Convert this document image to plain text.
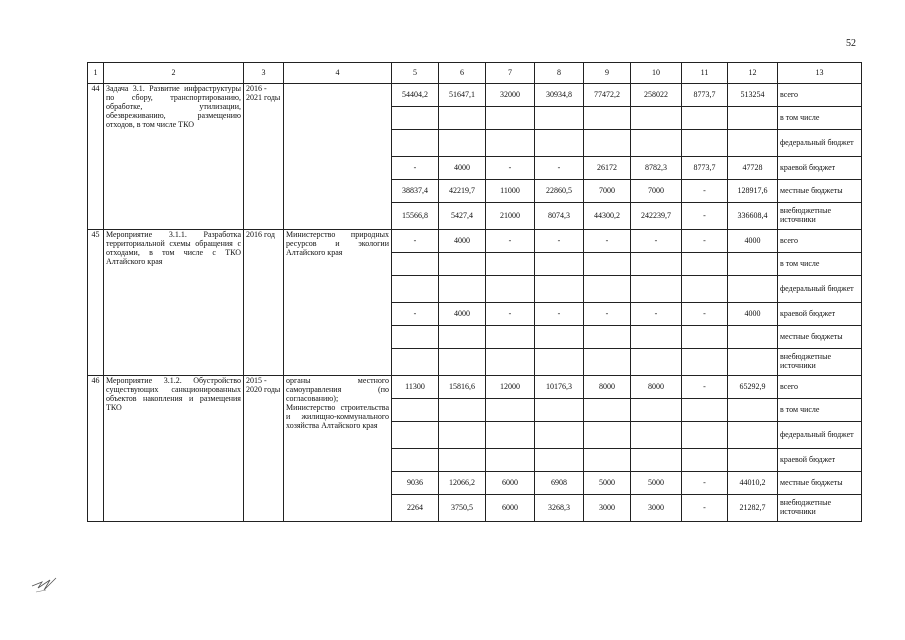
52
1	2	3	4	5	6	7	8	9	10	11	12	13
44	Задача 3.1. Развитие инфраструктуры по сбору, транспортированию, обработке, утилизации, обезвреживанию, размещению отходов, в том числе ТКО	2016 - 2021 годы		54404,2	51647,1	32000	30934,8	77472,2	258022	8773,7	513254	всего
												в том числе
												федеральный бюджет
				-	4000	-	-	26172	8782,3	8773,7	47728	краевой бюджет
				38837,4	42219,7	11000	22860,5	7000	7000	-	128917,6	местные бюджеты
				15566,8	5427,4	21000	8074,3	44300,2	242239,7	-	336608,4	внебюджетные источники
45	Мероприятие 3.1.1. Разработка территориальной схемы обращения с отходами, в том числе с ТКО Алтайского края	2016 год	Министерство природных ресурсов и экологии Алтайского края	-	4000	-	-	-	-	-	4000	всего
												в том числе
												федеральный бюджет
				-	4000	-	-	-	-	-	4000	краевой бюджет
												местные бюджеты
												внебюджетные источники
46	Мероприятие 3.1.2. Обустройство существующих санкционированных объектов накопления и размещения ТКО	2015 - 2020 годы	органы местного самоуправления (по согласованию); Министерство строительства и жилищно-коммунального хозяйства Алтайского края	11300	15816,6	12000	10176,3	8000	8000	-	65292,9	всего
												в том числе
												федеральный бюджет
												краевой бюджет
				9036	12066,2	6000	6908	5000	5000	-	44010,2	местные бюджеты
				2264	3750,5	6000	3268,3	3000	3000	-	21282,7	внебюджетные источники
